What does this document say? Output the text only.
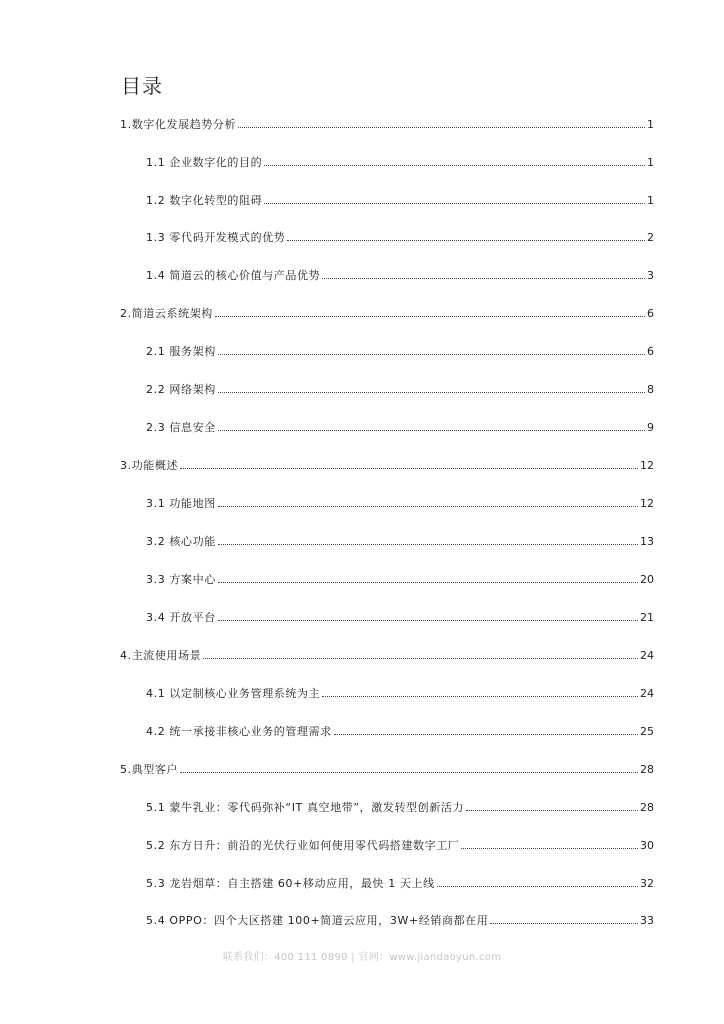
目录
1.数字化发展趋势分析	1
1.1 企业数字化的目的	1
1.2 数字化转型的阻碍	1
1.3 零代码开发模式的优势	2
1.4 简道云的核心价值与产品优势	3
2.简道云系统架构	6
2.1 服务架构	6
2.2 网络架构	8
2.3 信息安全	9
3.功能概述	12
3.1 功能地图	12
3.2 核心功能	13
3.3 方案中心	20
3.4 开放平台	21
4.主流使用场景	24
4.1 以定制核心业务管理系统为主	24
4.2 统一承接非核心业务的管理需求	25
5.典型客户	28
5.1 蒙牛乳业：零代码弥补“IT 真空地带”，激发转型创新活力	28
5.2 东方日升：前沿的光伏行业如何使用零代码搭建数字工厂	30
5.3 龙岩烟草：自主搭建 60+移动应用，最快 1 天上线	32
5.4 OPPO：四个大区搭建 100+简道云应用，3W+经销商都在用	33
联系我们：400 111 0890 | 官网：www.jiandaoyun.com
